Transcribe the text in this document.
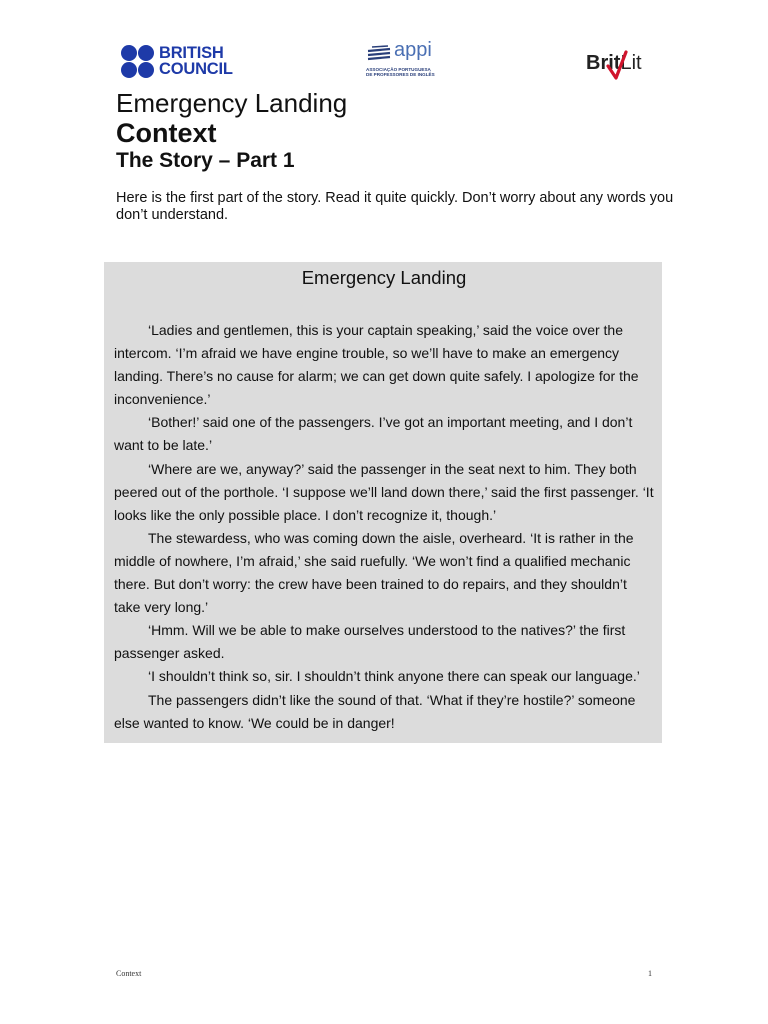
BRITISH
COUNCIL
appi
ASSOCIAÇÃO PORTUGUESA
DE PROFESSORES DE INGLÊS
BritLit
Emergency Landing
Context
The Story – Part 1

Here is the first part of the story. Read it quite quickly. Don’t worry about any words you don’t understand.

Emergency Landing

‘Ladies and gentlemen, this is your captain speaking,’ said the voice over the intercom. ‘I’m afraid we have engine trouble, so we’ll have to make an emergency landing. There’s no cause for alarm; we can get down quite safely. I apologize for the inconvenience.’

‘Bother!’ said one of the passengers. I’ve got an important meeting, and I don’t want to be late.’

‘Where are we, anyway?’ said the passenger in the seat next to him. They both peered out of the porthole. ‘I suppose we’ll land down there,’ said the first passenger. ‘It looks like the only possible place. I don’t recognize it, though.’

The stewardess, who was coming down the aisle, overheard. ‘It is rather in the middle of nowhere, I’m afraid,’ she said ruefully. ‘We won’t find a qualified mechanic there. But don’t worry: the crew have been trained to do repairs, and they shouldn’t take very long.’

‘Hmm. Will we be able to make ourselves understood to the natives?’ the first passenger asked.

‘I shouldn’t think so, sir. I shouldn’t think anyone there can speak our language.’

The passengers didn’t like the sound of that. ‘What if they’re hostile?’ someone else wanted to know. ‘We could be in danger!

Context	1
